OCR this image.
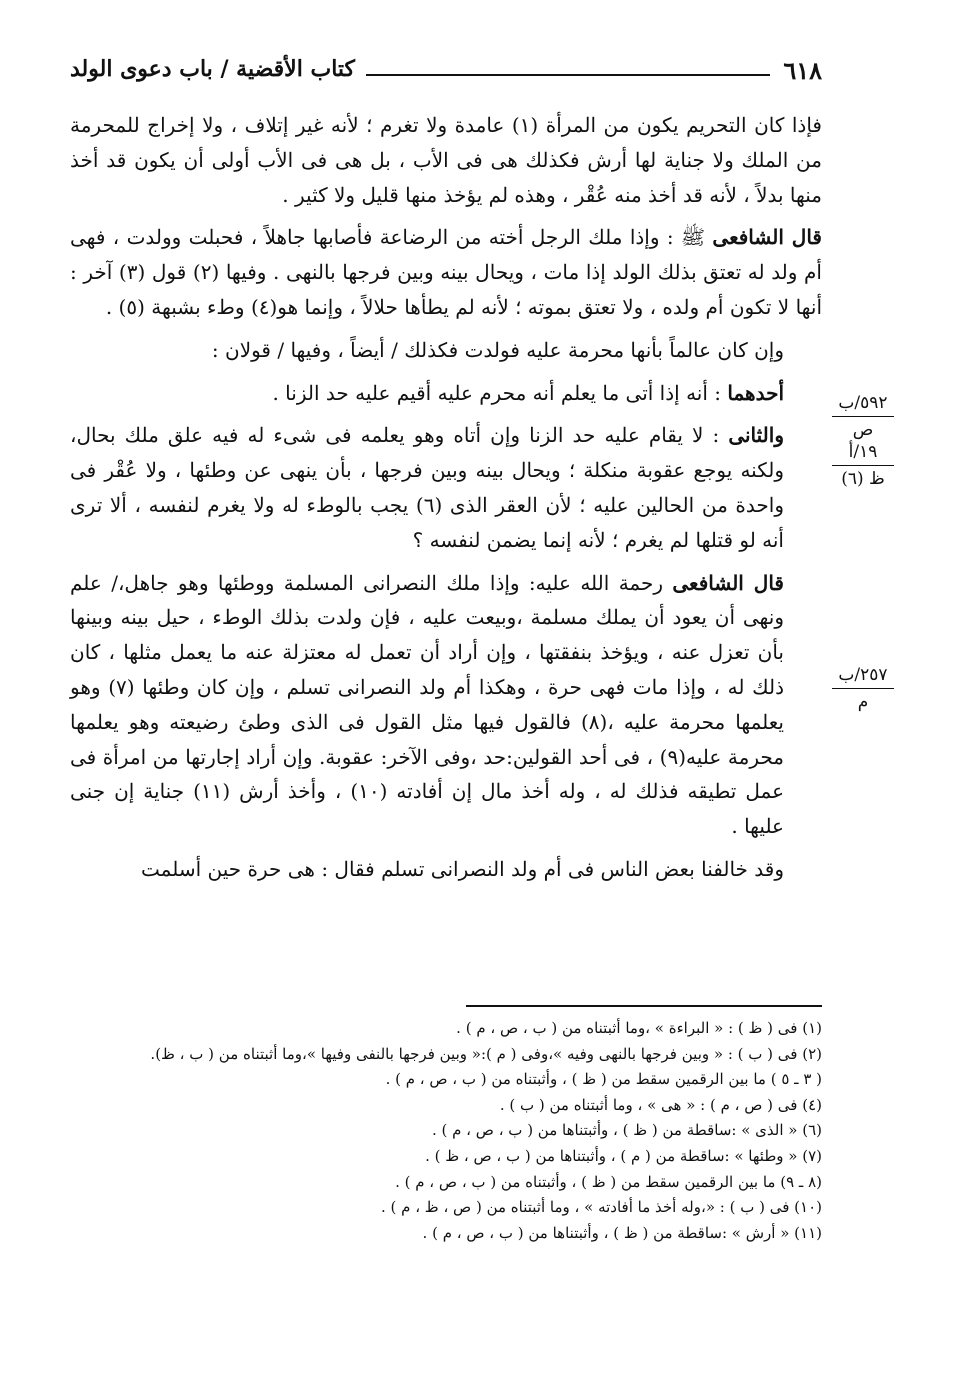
٦١٨
كتاب الأقضية / باب دعوى الولد

فإذا كان التحريم يكون من المرأة (١) عامدة ولا تغرم ؛ لأنه غير إتلاف ، ولا إخراج للمحرمة من الملك ولا جناية لها أرش فكذلك هى فى الأب ، بل هى فى الأب أولى أن يكون قد أخذ منها بدلاً ، لأنه قد أخذ منه عُقْر ، وهذه لم يؤخذ منها قليل ولا كثير .

قال الشافعى ﷺ : وإذا ملك الرجل أخته من الرضاعة فأصابها جاهلاً ، فحبلت وولدت ، فهى أم ولد له تعتق بذلك الولد إذا مات ، ويحال بينه وبين فرجها بالنهى . وفيها (٢) قول (٣) آخر : أنها لا تكون أم ولده ، ولا تعتق بموته ؛ لأنه لم يطأها حلالاً ، وإنما هو(٤) وطء بشبهة (٥) .

وإن كان عالماً بأنها محرمة عليه فولدت فكذلك / أيضاً ، وفيها / قولان :

أحدهما : أنه إذا أتى ما يعلم أنه محرم عليه أقيم عليه حد الزنا .

والثانى : لا يقام عليه حد الزنا وإن أتاه وهو يعلمه فى شىء له فيه علق ملك بحال، ولكنه يوجع عقوبة منكلة ؛ ويحال بينه وبين فرجها ، بأن ينهى عن وطئها ، ولا عُقْر فى واحدة من الحالين عليه ؛ لأن العقر الذى (٦) يجب بالوطء له ولا يغرم لنفسه ، ألا ترى أنه لو قتلها لم يغرم ؛ لأنه إنما يضمن لنفسه ؟

قال الشافعى رحمة الله عليه: وإذا ملك النصرانى المسلمة ووطئها وهو جاهل،/ علم ونهى أن يعود أن يملك مسلمة ،وبيعت عليه ، فإن ولدت بذلك الوطء ، حيل بينه وبينها بأن تعزل عنه ، ويؤخذ بنفقتها ، وإن أراد أن تعمل له معتزلة عنه ما يعمل مثلها ، كان ذلك له ، وإذا مات فهى حرة ، وهكذا أم ولد النصرانى تسلم ، وإن كان وطئها (٧) وهو يعلمها محرمة عليه ،(٨) فالقول فيها مثل القول فى الذى وطئ رضيعته وهو يعلمها محرمة عليه(٩) ، فى أحد القولين:حد ،وفى الآخر: عقوبة. وإن أراد إجارتها من امرأة فى عمل تطيقه فذلك له ، وله أخذ مال إن أفادته (١٠) ، وأخذ أرش (١١) جناية إن جنى عليها .

وقد خالفنا بعض الناس فى أم ولد النصرانى تسلم فقال : هى حرة حين أسلمت

٥٩٢/ب
ص
١٩/أ
ظ (٦)
٢٥٧/ب
م

(١) فى ( ظ ) : « البراءة » ،وما أثبتناه من ( ب ، ص ، م ) .

(٢) فى ( ب ) : « وبين فرجها بالنهى وفيه »،وفى ( م ):« وبين فرجها بالنفى وفيها »،وما أثبتناه من ( ب ، ظ).

( ٣ ـ ٥ ) ما بين الرقمين سقط من ( ظ ) ، وأثبتناه من ( ب ، ص ، م ) .

(٤) فى ( ص ، م ) : « هى » ، وما أثبتناه من ( ب ) .

(٦) « الذى » :ساقطة من ( ظ ) ، وأثبتناها من ( ب ، ص ، م ) .

(٧) « وطئها » :ساقطة من ( م ) ، وأثبتناها من ( ب ، ص ، ظ ) .

(٨ ـ ٩) ما بين الرقمين سقط من ( ظ ) ، وأثبتناه من ( ب ، ص ، م ) .

(١٠) فى ( ب ) : «،وله أخذ ما أفادته » ، وما أثبتناه من ( ص ، ظ ، م ) .

(١١) « أرش » :ساقطة من ( ظ ) ، وأثبتناها من ( ب ، ص ، م ) .
